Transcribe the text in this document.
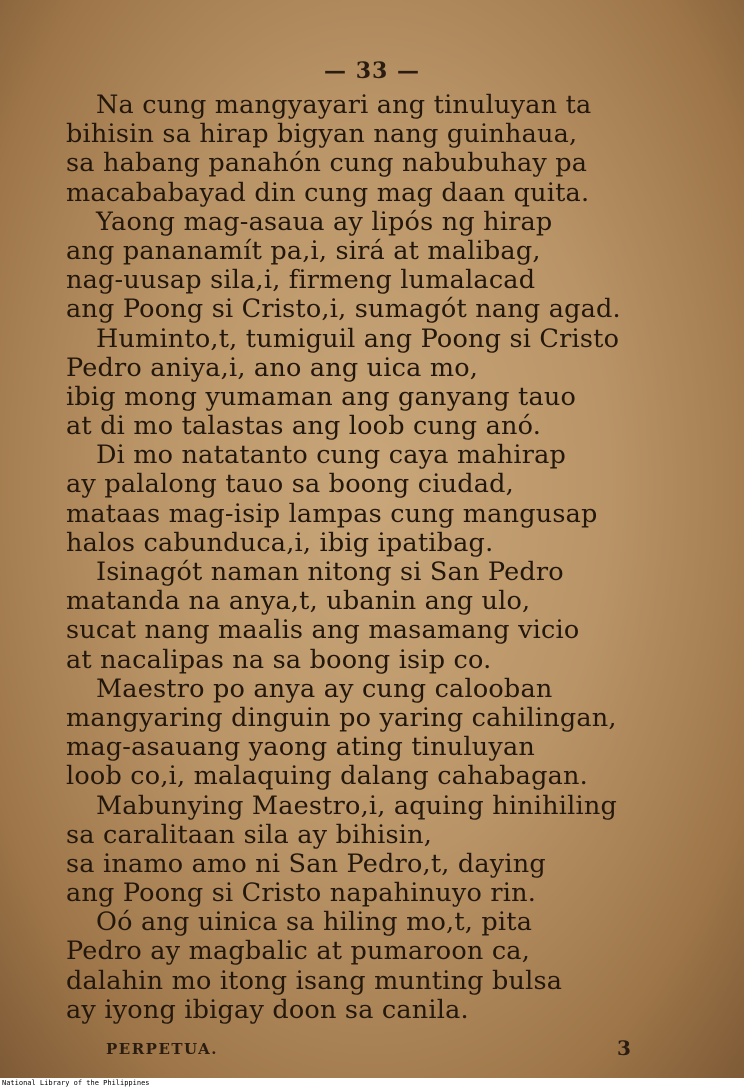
— 33 —
Na cung mangyayari ang tinuluyan ta
bihisin sa hirap bigyan nang guinhaua,
sa habang panahón cung nabubuhay pa
macababayad din cung mag daan quita.
Yaong mag-asaua ay lipós ng hirap
ang pananamít pa,i, sirá at malibag,
nag-uusap sila,i, firmeng lumalacad
ang Poong si Cristo,i, sumagót nang agad.
Huminto,t, tumiguil ang Poong si Cristo
Pedro aniya,i, ano ang uica mo,
ibig mong yumaman ang ganyang tauo
at di mo talastas ang loob cung anó.
Di mo natatanto cung caya mahirap
ay palalong tauo sa boong ciudad,
mataas mag-isip lampas cung mangusap
halos cabunduca,i, ibig ipatibag.
Isinagót naman nitong si San Pedro
matanda na anya,t, ubanin ang ulo,
sucat nang maalis ang masamang vicio
at nacalipas na sa boong isip co.
Maestro po anya ay cung calooban
mangyaring dinguin po yaring cahilingan,
mag-asauang yaong ating tinuluyan
loob co,i, malaquing dalang cahabagan.
Mabunying Maestro,i, aquing hinihiling
sa caralitaan sila ay bihisin,
sa inamo amo ni San Pedro,t, daying
ang Poong si Cristo napahinuyo rin.
Oó ang uinica sa hiling mo,t, pita
Pedro ay magbalic at pumaroon ca,
dalahin mo itong isang munting bulsa
ay iyong ibigay doon sa canila.
PERPETUA.	3
National Library of the Philippines
